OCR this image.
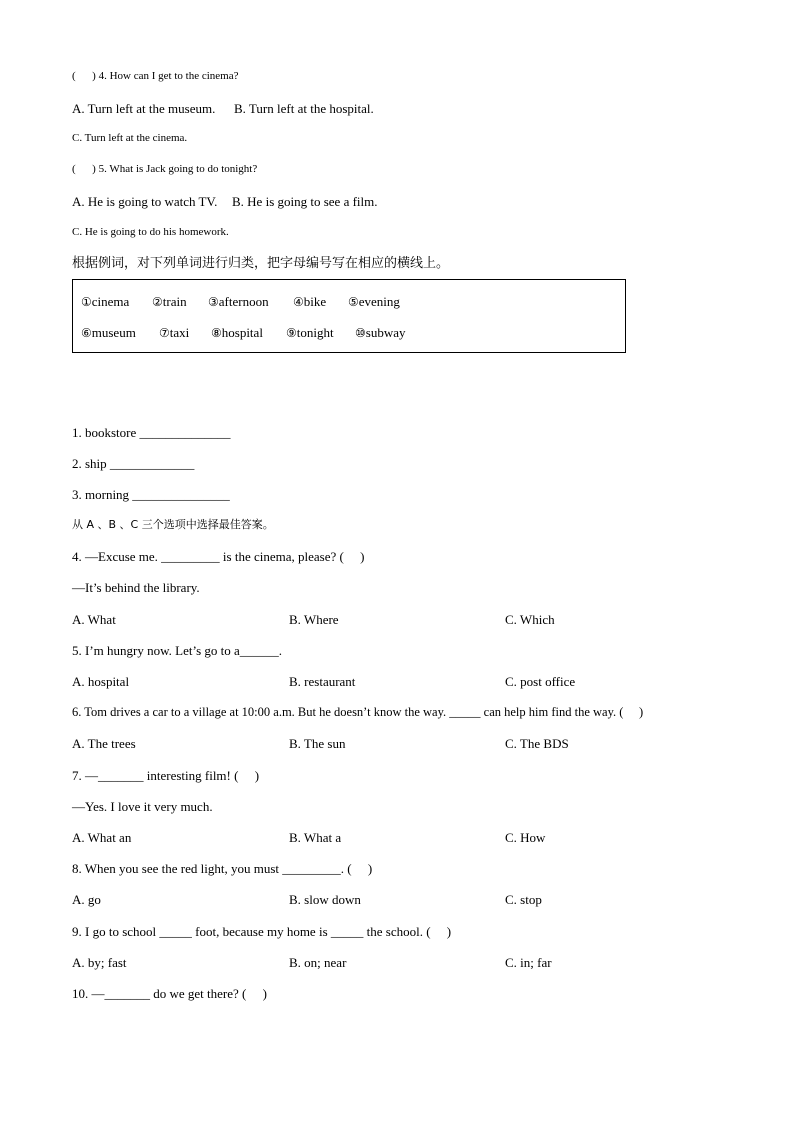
(      ) 4. How can I get to the cinema?
A. Turn left at the museum. B. Turn left at the hospital.
C. Turn left at the cinema.
(      ) 5. What is Jack going to do tonight?
A. He is going to watch TV. B. He is going to see a film.
C. He is going to do his homework.
根据例词，对下列单词进行归类，把字母编号写在相应的横线上。
①cinema ②train ③afternoon ④bike ⑤evening
⑥museum ⑦taxi ⑧hospital ⑨tonight ⑩subway
1. bookstore ______________
2. ship _____________
3. morning _______________
从 A 、B 、C 三个选项中选择最佳答案。
4. —Excuse me. _________ is the cinema, please? (     )
—It’s behind the library.
A. What	B. Where	C. Which
5. I’m hungry now. Let’s go to a______.
A. hospital	B. restaurant	C. post office
6. Tom drives a car to a village at 10:00 a.m. But he doesn’t know the way. _____ can help him find the way. (     )
A. The trees	B. The sun	C. The BDS
7. —_______ interesting film! (     )
—Yes. I love it very much.
A. What an	B. What a	C. How
8. When you see the red light, you must _________. (     )
A. go	B. slow down	C. stop
9. I go to school _____ foot, because my home is _____ the school. (     )
A. by; fast	B. on; near	C. in; far
10. —_______ do we get there? (     )
